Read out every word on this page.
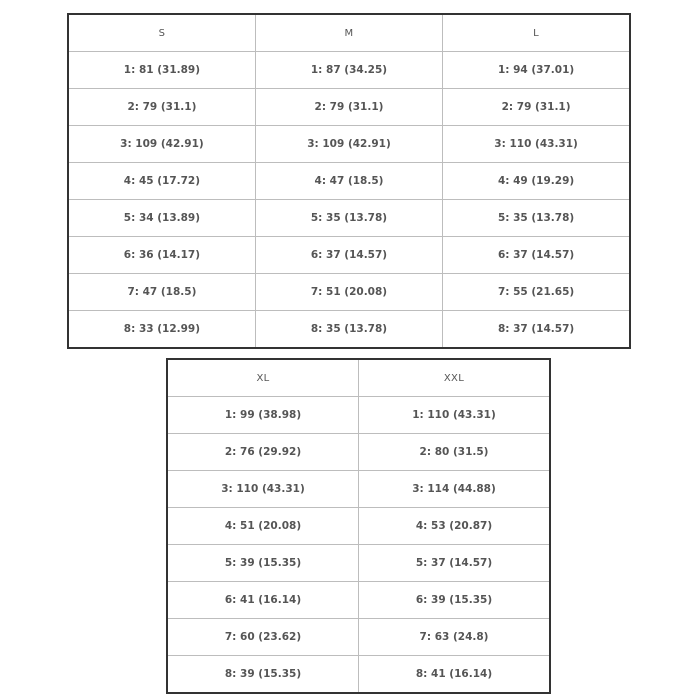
S	M	L
1: 81 (31.89)	1: 87 (34.25)	1: 94 (37.01)
2: 79 (31.1)	2: 79 (31.1)	2: 79 (31.1)
3: 109 (42.91)	3: 109 (42.91)	3: 110 (43.31)
4: 45 (17.72)	4: 47 (18.5)	4: 49 (19.29)
5: 34 (13.89)	5: 35 (13.78)	5: 35 (13.78)
6: 36 (14.17)	6: 37 (14.57)	6: 37 (14.57)
7: 47 (18.5)	7: 51 (20.08)	7: 55 (21.65)
8: 33 (12.99)	8: 35 (13.78)	8: 37 (14.57)
XL	XXL
1: 99 (38.98)	1: 110 (43.31)
2: 76 (29.92)	2: 80 (31.5)
3: 110 (43.31)	3: 114 (44.88)
4: 51 (20.08)	4: 53 (20.87)
5: 39 (15.35)	5: 37 (14.57)
6: 41 (16.14)	6: 39 (15.35)
7: 60 (23.62)	7: 63 (24.8)
8: 39 (15.35)	8: 41 (16.14)
